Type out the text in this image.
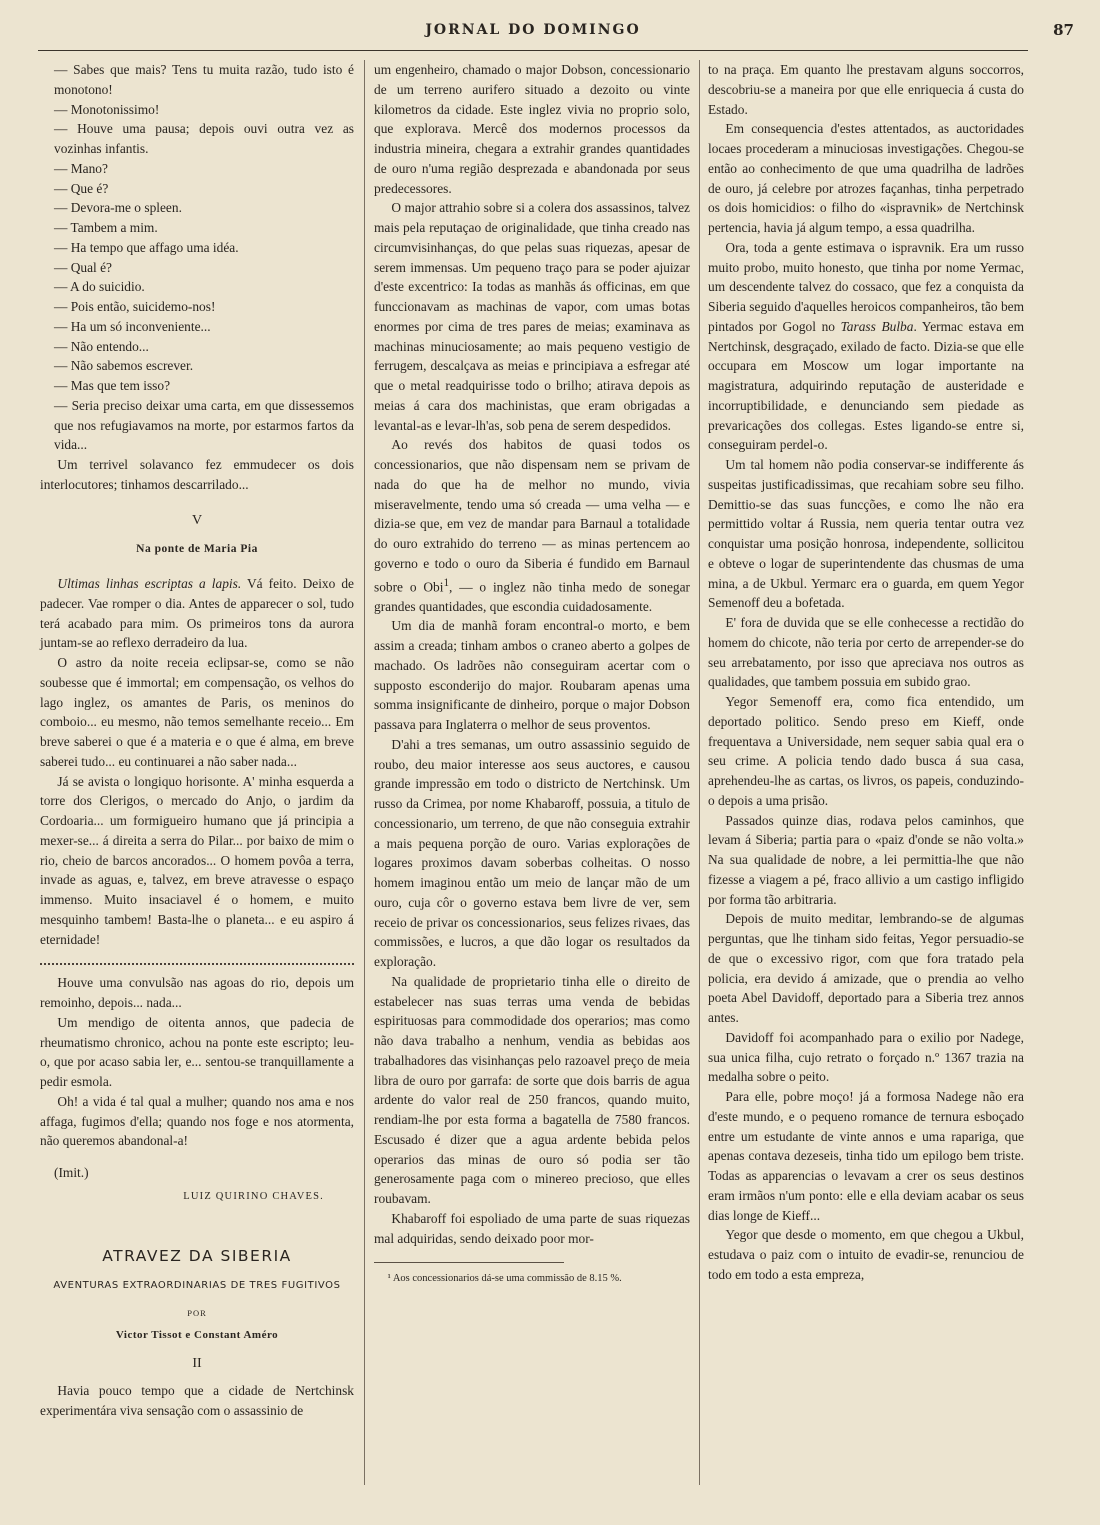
JORNAL DO DOMINGO	87

— Sabes que mais? Tens tu muita razão, tudo isto é monotono!

— Monotonissimo!

— Houve uma pausa; depois ouvi outra vez as vozinhas infantis.

— Mano?

— Que é?

— Devora-me o spleen.

— Tambem a mim.

— Ha tempo que affago uma idéa.

— Qual é?

— A do suicidio.

— Pois então, suicidemo-nos!

— Ha um só inconveniente...

— Não entendo...

— Não sabemos escrever.

— Mas que tem isso?

— Seria preciso deixar uma carta, em que dissessemos que nos refugiavamos na morte, por estarmos fartos da vida...

Um terrivel solavanco fez emmudecer os dois interlocutores; tinhamos descarrilado...

V
Na ponte de Maria Pia

Ultimas linhas escriptas a lapis. Vá feito. Deixo de padecer. Vae romper o dia. Antes de apparecer o sol, tudo terá acabado para mim. Os primeiros tons da aurora juntam-se ao reflexo derradeiro da lua.

O astro da noite receia eclipsar-se, como se não soubesse que é immortal; em compensação, os velhos do lago inglez, os amantes de Paris, os meninos do comboio... eu mesmo, não temos semelhante receio... Em breve saberei o que é a materia e o que é alma, em breve saberei tudo... eu continuarei a não saber nada...

Já se avista o longiquo horisonte. A' minha esquerda a torre dos Clerigos, o mercado do Anjo, o jardim da Cordoaria... um formigueiro humano que já principia a mexer-se... á direita a serra do Pilar... por baixo de mim o rio, cheio de barcos ancorados... O homem povôa a terra, invade as aguas, e, talvez, em breve atravesse o espaço immenso. Muito insaciavel é o homem, e muito mesquinho tambem! Basta-lhe o planeta... e eu aspiro á eternidade!

Houve uma convulsão nas agoas do rio, depois um remoinho, depois... nada...

Um mendigo de oitenta annos, que padecia de rheumatismo chronico, achou na ponte este escripto; leu-o, que por acaso sabia ler, e... sentou-se tranquillamente a pedir esmola.

Oh! a vida é tal qual a mulher; quando nos ama e nos affaga, fugimos d'ella; quando nos foge e nos atormenta, não queremos abandonal-a!

(Imit.)
LUIZ QUIRINO CHAVES.
ATRAVEZ DA SIBERIA
AVENTURAS EXTRAORDINARIAS DE TRES FUGITIVOS
POR
Victor Tissot e Constant Améro
II

Havia pouco tempo que a cidade de Nertchinsk experimentára viva sensação com o assassinio de

um engenheiro, chamado o major Dobson, concessionario de um terreno aurifero situado a dezoito ou vinte kilometros da cidade. Este inglez vivia no proprio solo, que explorava. Mercê dos modernos processos da industria mineira, chegara a extrahir grandes quantidades de ouro n'uma região desprezada e abandonada por seus predecessores.

O major attrahio sobre si a colera dos assassinos, talvez mais pela reputaçao de originalidade, que tinha creado nas circumvisinhanças, do que pelas suas riquezas, apesar de serem immensas. Um pequeno traço para se poder ajuizar d'este excentrico: Ia todas as manhãs ás officinas, em que funccionavam as machinas de vapor, com umas botas enormes por cima de tres pares de meias; examinava as machinas minuciosamente; ao mais pequeno vestigio de ferrugem, descalçava as meias e principiava a esfregar até que o metal readquirisse todo o brilho; atirava depois as meias á cara dos machinistas, que eram obrigadas a levantal-as e levar-lh'as, sob pena de serem despedidos.

Ao revés dos habitos de quasi todos os concessionarios, que não dispensam nem se privam de nada do que ha de melhor no mundo, vivia miseravelmente, tendo uma só creada — uma velha — e dizia-se que, em vez de mandar para Barnaul a totalidade do ouro extrahido do terreno — as minas pertencem ao governo e todo o ouro da Siberia é fundido em Barnaul sobre o Obi$^1$, — o inglez não tinha medo de sonegar grandes quantidades, que escondia cuidadosamente.

Um dia de manhã foram encontral-o morto, e bem assim a creada; tinham ambos o craneo aberto a golpes de machado. Os ladrões não conseguiram acertar com o supposto esconderijo do major. Roubaram apenas uma somma insignificante de dinheiro, porque o major Dobson passava para Inglaterra o melhor de seus proventos.

D'ahi a tres semanas, um outro assassinio seguido de roubo, deu maior interesse aos seus auctores, e causou grande impressão em todo o districto de Nertchinsk. Um russo da Crimea, por nome Khabaroff, possuia, a titulo de concessionario, um terreno, de que não conseguia extrahir a mais pequena porção de ouro. Varias explorações de logares proximos davam soberbas colheitas. O nosso homem imaginou então um meio de lançar mão de um ouro, cuja côr o governo estava bem livre de ver, sem receio de privar os concessionarios, seus felizes rivaes, das commissões, e lucros, a que dão logar os resultados da exploração.

Na qualidade de proprietario tinha elle o direito de estabelecer nas suas terras uma venda de bebidas espirituosas para commodidade dos operarios; mas como não dava trabalho a nenhum, vendia as bebidas aos trabalhadores das visinhanças pelo razoavel preço de meia libra de ouro por garrafa: de sorte que dois barris de agua ardente do valor real de 250 francos, quando muito, rendiam-lhe por esta forma a bagatella de 7580 francos. Escusado é dizer que a agua ardente bebida pelos operarios das minas de ouro só podia ser tão generosamente paga com o minereo precioso, que elles roubavam.

Khabaroff foi espoliado de uma parte de suas riquezas mal adquiridas, sendo deixado poor mor-

¹ Aos concessionarios dá-se uma commissão de 8.15 %.

to na praça. Em quanto lhe prestavam alguns soccorros, descobriu-se a maneira por que elle enriquecia á custa do Estado.

Em consequencia d'estes attentados, as auctoridades locaes procederam a minuciosas investigações. Chegou-se então ao conhecimento de que uma quadrilha de ladrões de ouro, já celebre por atrozes façanhas, tinha perpetrado os dois homicidios: o filho do «ispravnik» de Nertchinsk pertencia, havia já algum tempo, a essa quadrilha.

Ora, toda a gente estimava o ispravnik. Era um russo muito probo, muito honesto, que tinha por nome Yermac, um descendente talvez do cossaco, que fez a conquista da Siberia seguido d'aquelles heroicos companheiros, tão bem pintados por Gogol no Tarass Bulba. Yermac estava em Nertchinsk, desgraçado, exilado de facto. Dizia-se que elle occupara em Moscow um logar importante na magistratura, adquirindo reputação de austeridade e incorruptibilidade, e denunciando sem piedade as prevaricações dos collegas. Estes ligando-se entre si, conseguiram perdel-o.

Um tal homem não podia conservar-se indifferente ás suspeitas justificadissimas, que recahiam sobre seu filho. Demittio-se das suas funcções, e como lhe não era permittido voltar á Russia, nem queria tentar outra vez conquistar uma posição honrosa, independente, sollicitou e obteve o logar de superintendente das chusmas de uma mina, a de Ukbul. Yermarc era o guarda, em quem Yegor Semenoff deu a bofetada.

E' fora de duvida que se elle conhecesse a rectidão do homem do chicote, não teria por certo de arrepender-se do seu arrebatamento, por isso que apreciava nos outros as qualidades, que tambem possuia em subido grao.

Yegor Semenoff era, como fica entendido, um deportado politico. Sendo preso em Kieff, onde frequentava a Universidade, nem sequer sabia qual era o seu crime. A policia tendo dado busca á sua casa, aprehendeu-lhe as cartas, os livros, os papeis, conduzindo-o depois a uma prisão.

Passados quinze dias, rodava pelos caminhos, que levam á Siberia; partia para o «paiz d'onde se não volta.» Na sua qualidade de nobre, a lei permittia-lhe que não fizesse a viagem a pé, fraco allivio a um castigo infligido por forma tão arbitraria.

Depois de muito meditar, lembrando-se de algumas perguntas, que lhe tinham sido feitas, Yegor persuadio-se de que o excessivo rigor, com que fora tratado pela policia, era devido á amizade, que o prendia ao velho poeta Abel Davidoff, deportado para a Siberia trez annos antes.

Davidoff foi acompanhado para o exilio por Nadege, sua unica filha, cujo retrato o forçado n.º 1367 trazia na medalha sobre o peito.

Para elle, pobre moço! já a formosa Nadege não era d'este mundo, e o pequeno romance de ternura esboçado entre um estudante de vinte annos e uma rapariga, que apenas contava dezeseis, tinha tido um epilogo bem triste. Todas as apparencias o levavam a crer os seus destinos eram irmãos n'um ponto: elle e ella deviam acabar os seus dias longe de Kieff...

Yegor que desde o momento, em que chegou a Ukbul, estudava o paiz com o intuito de evadir-se, renunciou de todo em todo a esta empreza,
